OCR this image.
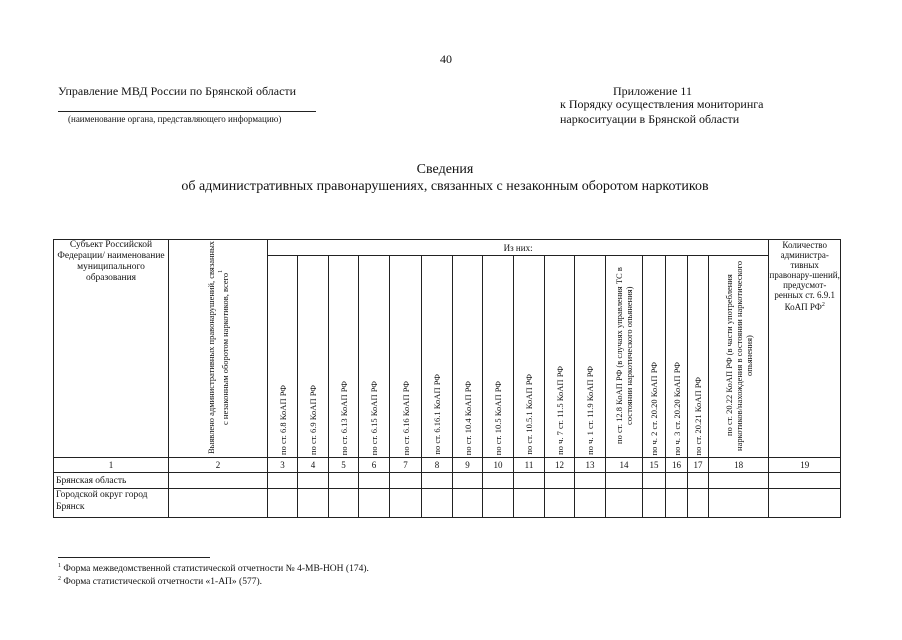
40
Управление МВД России по Брянской области
(наименование органа, представляющего информацию)
Приложение 11
к Порядку осуществления мониторинга
наркоситуации в Брянской области
Сведения
об административных правонарушениях, связанных с незаконным оборотом наркотиков
Субъект Российской Федерации/ наименование муниципального образования	Выявлено административных правонарушений, связанных с незаконным оборотом наркотиков, всего$^1$	Из них:																Количество администра-тивных правонару-шений, предусмот-ренных ст. 6.9.1 КоАП $РФ^2$

		по ст. 6.8 КоАП РФ	по ст. 6.9 КоАП РФ	по ст. 6.13 КоАП РФ	по ст. 6.15 КоАП РФ	по ст. 6.16 КоАП РФ	по ст. 6.16.1 КоАП РФ	по ст. 10.4 КоАП РФ	по ст. 10.5 КоАП РФ	по ст. 10.5.1 КоАП РФ	по ч. 7 ст. 11.5 КоАП РФ	по ч. 1 ст. 11.9 КоАП РФ	по ст. 12.8 КоАП РФ (в случаях управления ТС в состоянии наркотического опьянения)	по ч. 2 ст. 20.20 КоАП РФ	по ч. 3 ст. 20.20 КоАП РФ	по ст. 20.21 КоАП РФ	по ст. 20.22 КоАП РФ (в части употребления наркотиков/нахождения в состоянии наркотического опьянения)	

1	2	3	4	5	6	7	8	9	10	11	12	13	14	15	16	17	18	19
Брянская область																		
Городской округ город Брянск																		
$^1$ Форма межведомственной статистической отчетности № 4-МВ-НОН (174).
$^2$ Форма статистической отчетности «1-АП» (577).
